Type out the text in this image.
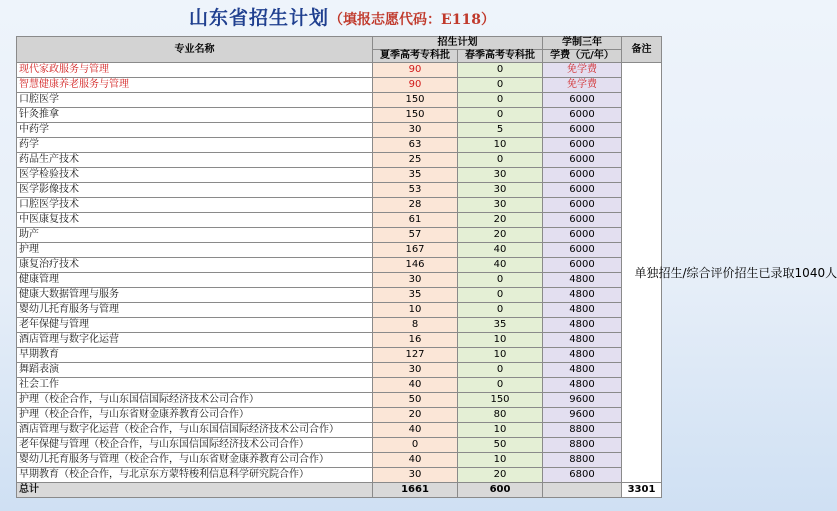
山东省招生计划（填报志愿代码：E118）
专业名称	招生计划		学制三年	备注
	夏季高考专科批	春季高考专科批	学费（元/年）	
现代家政服务与管理	90	0	免学费	单独招生/综合评价招生已录取1040人
智慧健康养老服务与管理	90	0	免学费	
口腔医学	150	0	6000	
针灸推拿	150	0	6000	
中药学	30	5	6000	
药学	63	10	6000	
药品生产技术	25	0	6000	
医学检验技术	35	30	6000	
医学影像技术	53	30	6000	
口腔医学技术	28	30	6000	
中医康复技术	61	20	6000	
助产	57	20	6000	
护理	167	40	6000	
康复治疗技术	146	40	6000	
健康管理	30	0	4800	
健康大数据管理与服务	35	0	4800	
婴幼儿托育服务与管理	10	0	4800	
老年保健与管理	8	35	4800	
酒店管理与数字化运营	16	10	4800	
早期教育	127	10	4800	
舞蹈表演	30	0	4800	
社会工作	40	0	4800	
护理（校企合作，与山东国信国际经济技术公司合作）	50	150	9600	
护理（校企合作，与山东省财金康养教育公司合作）	20	80	9600	
酒店管理与数字化运营（校企合作，与山东国信国际经济技术公司合作）	40	10	8800	
老年保健与管理（校企合作，与山东国信国际经济技术公司合作）	0	50	8800	
婴幼儿托育服务与管理（校企合作，与山东省财金康养教育公司合作）	40	10	8800	
早期教育（校企合作，与北京东方蒙特梭利信息科学研究院合作）	30	20	6800	
总计	1661	600		3301
